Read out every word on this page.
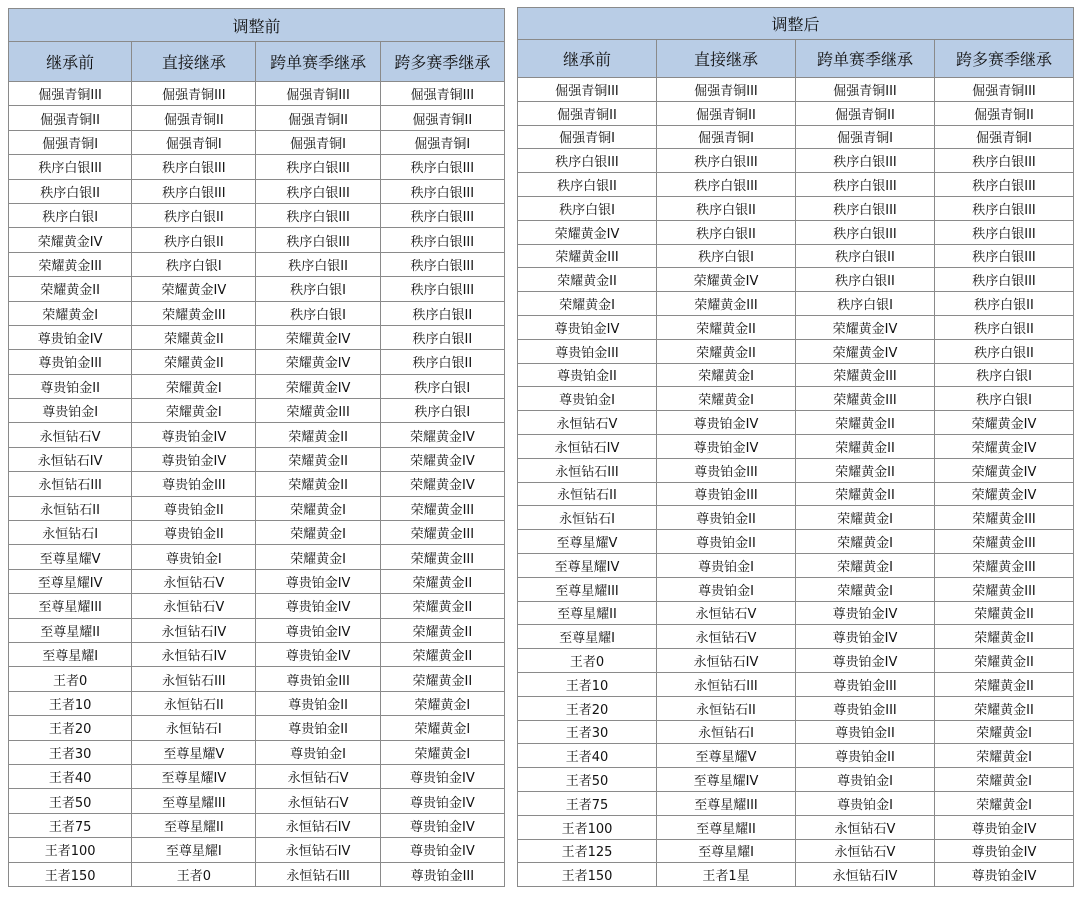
调整前			
继承前	直接继承	跨单赛季继承	跨多赛季继承
倔强青铜III	倔强青铜III	倔强青铜III	倔强青铜III
倔强青铜II	倔强青铜II	倔强青铜II	倔强青铜II
倔强青铜I	倔强青铜I	倔强青铜I	倔强青铜I
秩序白银III	秩序白银III	秩序白银III	秩序白银III
秩序白银II	秩序白银III	秩序白银III	秩序白银III
秩序白银I	秩序白银II	秩序白银III	秩序白银III
荣耀黄金IV	秩序白银II	秩序白银III	秩序白银III
荣耀黄金III	秩序白银I	秩序白银II	秩序白银III
荣耀黄金II	荣耀黄金IV	秩序白银I	秩序白银III
荣耀黄金I	荣耀黄金III	秩序白银I	秩序白银II
尊贵铂金IV	荣耀黄金II	荣耀黄金IV	秩序白银II
尊贵铂金III	荣耀黄金II	荣耀黄金IV	秩序白银II
尊贵铂金II	荣耀黄金I	荣耀黄金IV	秩序白银I
尊贵铂金I	荣耀黄金I	荣耀黄金III	秩序白银I
永恒钻石V	尊贵铂金IV	荣耀黄金II	荣耀黄金IV
永恒钻石IV	尊贵铂金IV	荣耀黄金II	荣耀黄金IV
永恒钻石III	尊贵铂金III	荣耀黄金II	荣耀黄金IV
永恒钻石II	尊贵铂金II	荣耀黄金I	荣耀黄金III
永恒钻石I	尊贵铂金II	荣耀黄金I	荣耀黄金III
至尊星耀V	尊贵铂金I	荣耀黄金I	荣耀黄金III
至尊星耀IV	永恒钻石V	尊贵铂金IV	荣耀黄金II
至尊星耀III	永恒钻石V	尊贵铂金IV	荣耀黄金II
至尊星耀II	永恒钻石IV	尊贵铂金IV	荣耀黄金II
至尊星耀I	永恒钻石IV	尊贵铂金IV	荣耀黄金II
王者0	永恒钻石III	尊贵铂金III	荣耀黄金II
王者10	永恒钻石II	尊贵铂金II	荣耀黄金I
王者20	永恒钻石I	尊贵铂金II	荣耀黄金I
王者30	至尊星耀V	尊贵铂金I	荣耀黄金I
王者40	至尊星耀IV	永恒钻石V	尊贵铂金IV
王者50	至尊星耀III	永恒钻石V	尊贵铂金IV
王者75	至尊星耀II	永恒钻石IV	尊贵铂金IV
王者100	至尊星耀I	永恒钻石IV	尊贵铂金IV
王者150	王者0	永恒钻石III	尊贵铂金III
调整后			
继承前	直接继承	跨单赛季继承	跨多赛季继承
倔强青铜III	倔强青铜III	倔强青铜III	倔强青铜III
倔强青铜II	倔强青铜II	倔强青铜II	倔强青铜II
倔强青铜I	倔强青铜I	倔强青铜I	倔强青铜I
秩序白银III	秩序白银III	秩序白银III	秩序白银III
秩序白银II	秩序白银III	秩序白银III	秩序白银III
秩序白银I	秩序白银II	秩序白银III	秩序白银III
荣耀黄金IV	秩序白银II	秩序白银III	秩序白银III
荣耀黄金III	秩序白银I	秩序白银II	秩序白银III
荣耀黄金II	荣耀黄金IV	秩序白银II	秩序白银III
荣耀黄金I	荣耀黄金III	秩序白银I	秩序白银II
尊贵铂金IV	荣耀黄金II	荣耀黄金IV	秩序白银II
尊贵铂金III	荣耀黄金II	荣耀黄金IV	秩序白银II
尊贵铂金II	荣耀黄金I	荣耀黄金III	秩序白银I
尊贵铂金I	荣耀黄金I	荣耀黄金III	秩序白银I
永恒钻石V	尊贵铂金IV	荣耀黄金II	荣耀黄金IV
永恒钻石IV	尊贵铂金IV	荣耀黄金II	荣耀黄金IV
永恒钻石III	尊贵铂金III	荣耀黄金II	荣耀黄金IV
永恒钻石II	尊贵铂金III	荣耀黄金II	荣耀黄金IV
永恒钻石I	尊贵铂金II	荣耀黄金I	荣耀黄金III
至尊星耀V	尊贵铂金II	荣耀黄金I	荣耀黄金III
至尊星耀IV	尊贵铂金I	荣耀黄金I	荣耀黄金III
至尊星耀III	尊贵铂金I	荣耀黄金I	荣耀黄金III
至尊星耀II	永恒钻石V	尊贵铂金IV	荣耀黄金II
至尊星耀I	永恒钻石V	尊贵铂金IV	荣耀黄金II
王者0	永恒钻石IV	尊贵铂金IV	荣耀黄金II
王者10	永恒钻石III	尊贵铂金III	荣耀黄金II
王者20	永恒钻石II	尊贵铂金III	荣耀黄金II
王者30	永恒钻石I	尊贵铂金II	荣耀黄金I
王者40	至尊星耀V	尊贵铂金II	荣耀黄金I
王者50	至尊星耀IV	尊贵铂金I	荣耀黄金I
王者75	至尊星耀III	尊贵铂金I	荣耀黄金I
王者100	至尊星耀II	永恒钻石V	尊贵铂金IV
王者125	至尊星耀I	永恒钻石V	尊贵铂金IV
王者150	王者1星	永恒钻石IV	尊贵铂金IV
